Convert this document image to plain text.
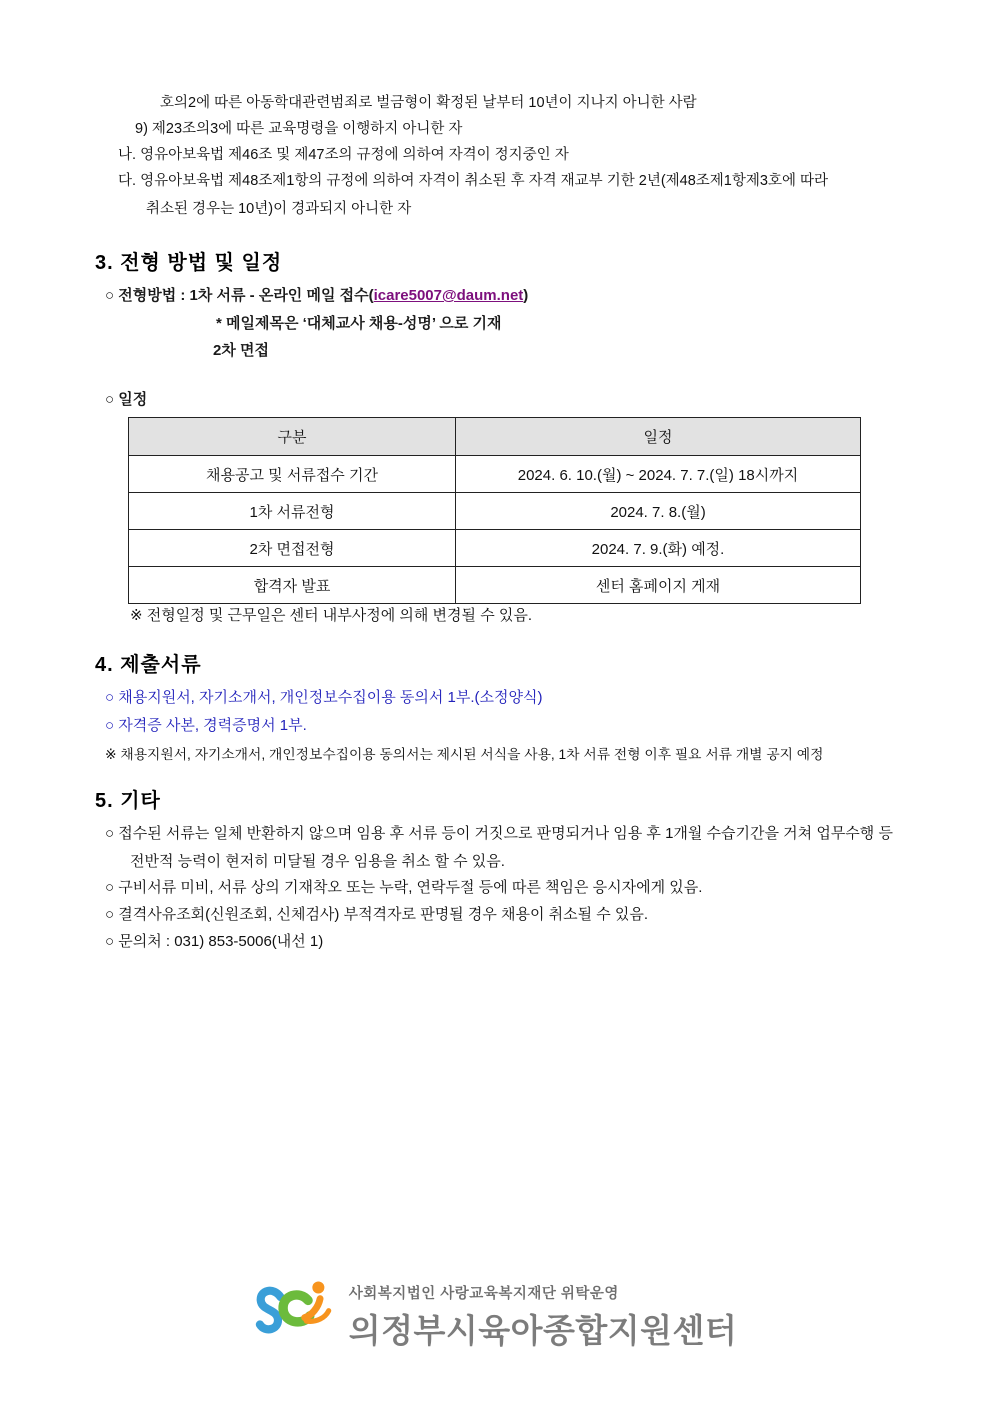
호의2에 따른 아동학대관련범죄로 벌금형이 확정된 날부터 10년이 지나지 아니한 사람
9) 제23조의3에 따른 교육명령을 이행하지 아니한 자
나. 영유아보육법 제46조 및 제47조의 규정에 의하여 자격이 정지중인 자
다. 영유아보육법 제48조제1항의 규정에 의하여 자격이 취소된 후 자격 재교부 기한 2년(제48조제1항제3호에 따라
취소된 경우는 10년)이 경과되지 아니한 자
3. 전형 방법 및 일정
○ 전형방법 : 1차 서류 - 온라인 메일 접수(icare5007@daum.net)
* 메일제목은 ‘대체교사 채용-성명’ 으로 기재
2차 면접
○ 일정
구분	일정
채용공고 및 서류접수 기간	2024. 6. 10.(월) ~ 2024. 7. 7.(일) 18시까지
1차 서류전형	2024. 7. 8.(월)
2차 면접전형	2024. 7. 9.(화) 예정.
합격자 발표	센터 홈페이지 게재
※ 전형일정 및 근무일은 센터 내부사정에 의해 변경될 수 있음.
4. 제출서류
○ 채용지원서, 자기소개서, 개인정보수집이용 동의서 1부.(소정양식)
○ 자격증 사본, 경력증명서 1부.
※ 채용지원서, 자기소개서, 개인정보수집이용 동의서는 제시된 서식을 사용, 1차 서류 전형 이후 필요 서류 개별 공지 예정
5. 기타
○ 접수된 서류는 일체 반환하지 않으며 임용 후 서류 등이 거짓으로 판명되거나 임용 후 1개월 수습기간을 거쳐 업무수행 등 전반적 능력이 현저히 미달될 경우 임용을 취소 할 수 있음.
○ 구비서류 미비, 서류 상의 기재착오 또는 누락, 연락두절 등에 따른 책임은 응시자에게 있음.
○ 결격사유조회(신원조회, 신체검사) 부적격자로 판명될 경우 채용이 취소될 수 있음.
○ 문의처 : 031) 853-5006(내선 1)
사회복지법인 사랑교육복지재단 위탁운영
의정부시육아종합지원센터
